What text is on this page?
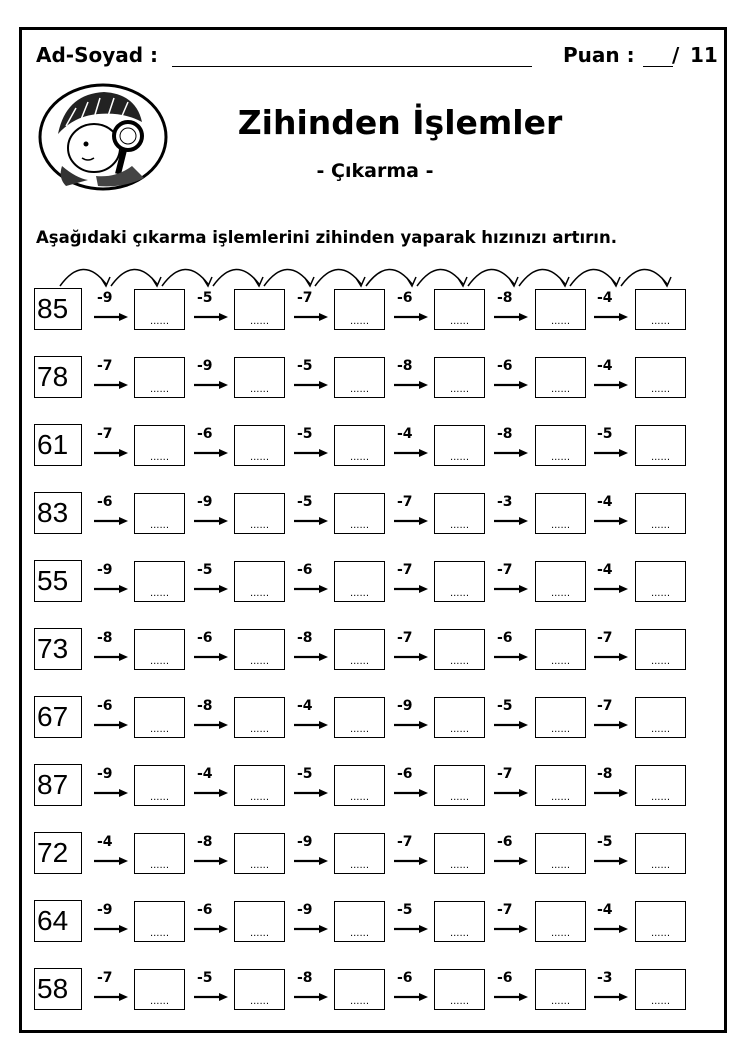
Ad-Soyad :	Puan : / 11
Zihinden İşlemler
- Çıkarma -
Aşağıdaki çıkarma işlemlerini zihinden yaparak hızınızı artırın.
85	-9
......
-5
......
-7
......
-6
......
-8
......
-4
......
78	-7
......
-9
......
-5
......
-8
......
-6
......
-4
......
61	-7
......
-6
......
-5
......
-4
......
-8
......
-5
......
83	-6
......
-9
......
-5
......
-7
......
-3
......
-4
......
55	-9
......
-5
......
-6
......
-7
......
-7
......
-4
......
73	-8
......
-6
......
-8
......
-7
......
-6
......
-7
......
67	-6
......
-8
......
-4
......
-9
......
-5
......
-7
......
87	-9
......
-4
......
-5
......
-6
......
-7
......
-8
......
72	-4
......
-8
......
-9
......
-7
......
-6
......
-5
......
64	-9
......
-6
......
-9
......
-5
......
-7
......
-4
......
58	-7
......
-5
......
-8
......
-6
......
-6
......
-3
......
